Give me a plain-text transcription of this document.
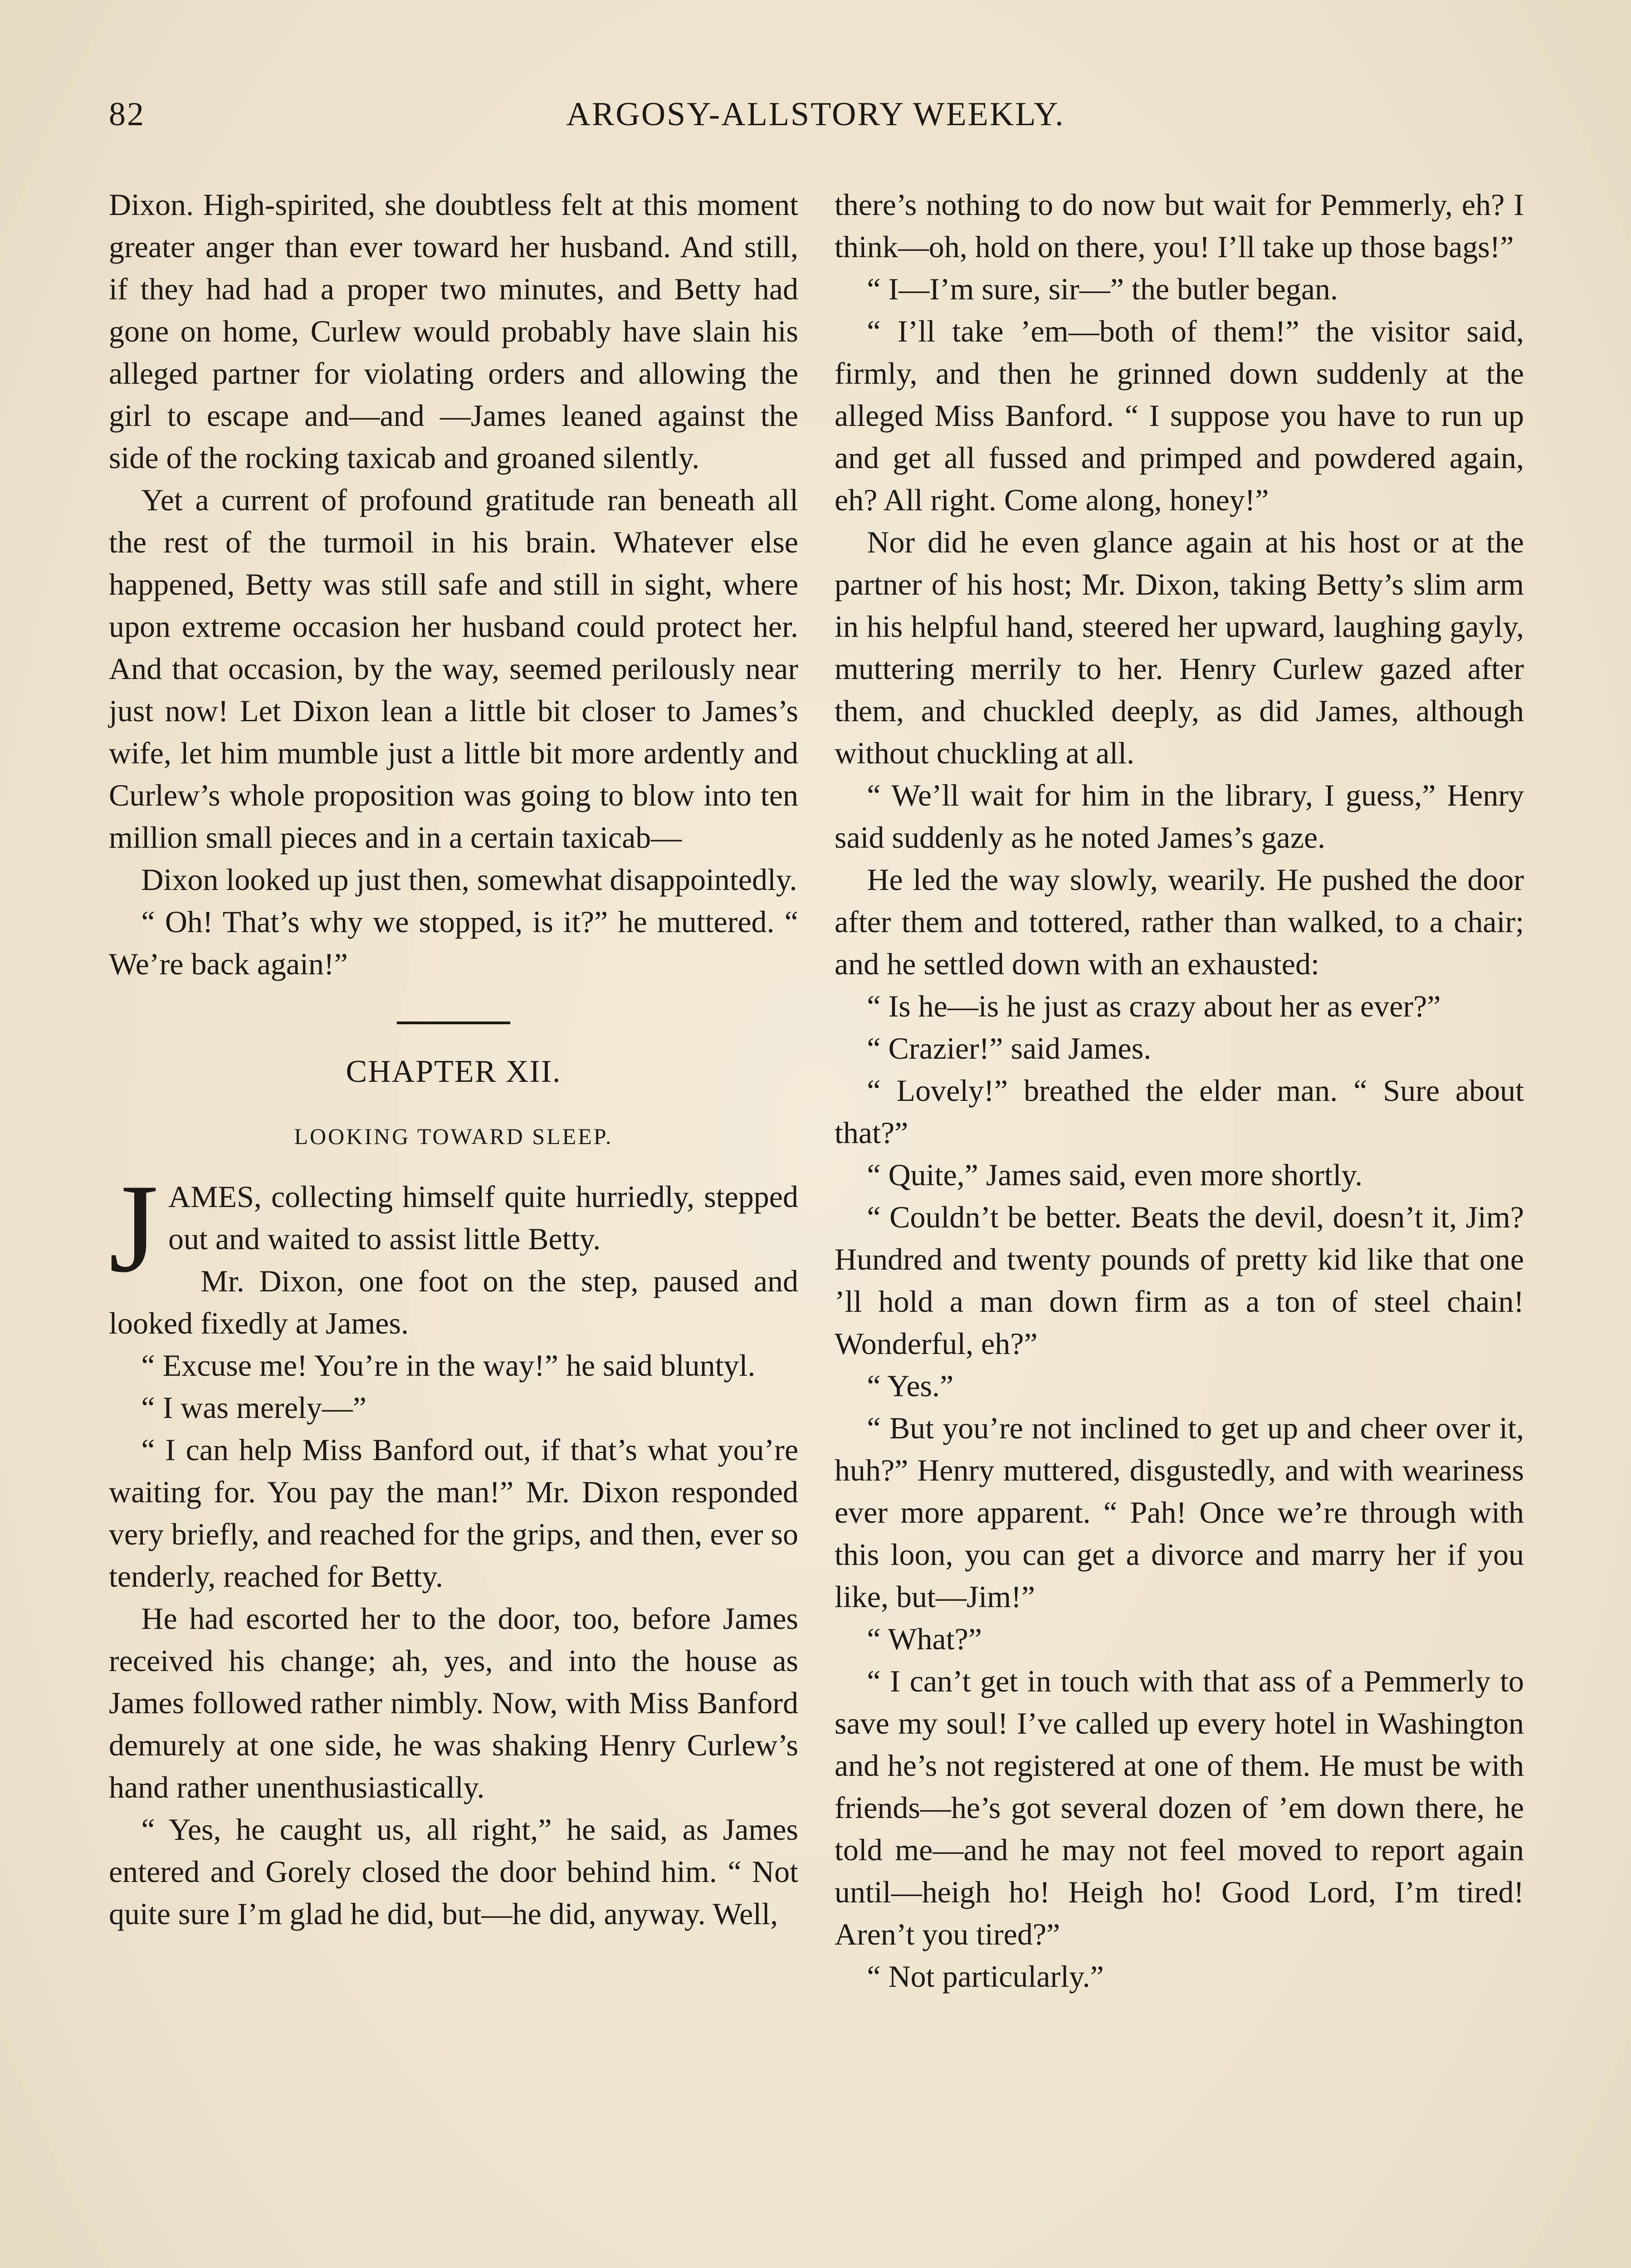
82	ARGOSY-ALLSTORY WEEKLY.

Dixon. High-spirited, she doubtless felt at this moment greater anger than ever toward her husband. And still, if they had had a proper two minutes, and Betty had gone on home, Curlew would probably have slain his alleged partner for violating orders and allowing the girl to escape and—and —James leaned against the side of the rocking taxicab and groaned silently.

Yet a current of profound gratitude ran beneath all the rest of the turmoil in his brain. Whatever else happened, Betty was still safe and still in sight, where upon extreme occasion her husband could protect her. And that occasion, by the way, seemed perilously near just now! Let Dixon lean a little bit closer to James’s wife, let him mumble just a little bit more ardently and Curlew’s whole proposition was going to blow into ten million small pieces and in a certain taxicab—

Dixon looked up just then, somewhat disappointedly.

“ Oh! That’s why we stopped, is it?” he muttered. “ We’re back again!”

CHAPTER XII.

LOOKING TOWARD SLEEP.

JAMES, collecting himself quite hurriedly, stepped out and waited to assist little Betty.

Mr. Dixon, one foot on the step, paused and looked fixedly at James.

“ Excuse me! You’re in the way!” he said bluntyl.

“ I was merely—”

“ I can help Miss Banford out, if that’s what you’re waiting for. You pay the man!” Mr. Dixon responded very briefly, and reached for the grips, and then, ever so tenderly, reached for Betty.

He had escorted her to the door, too, before James received his change; ah, yes, and into the house as James followed rather nimbly. Now, with Miss Banford demurely at one side, he was shaking Henry Curlew’s hand rather unenthusiastically.

“ Yes, he caught us, all right,” he said, as James entered and Gorely closed the door behind him. “ Not quite sure I’m glad he did, but—he did, anyway. Well,

there’s nothing to do now but wait for Pemmerly, eh? I think—oh, hold on there, you! I’ll take up those bags!”

“ I—I’m sure, sir—” the butler began.

“ I’ll take ’em—both of them!” the visitor said, firmly, and then he grinned down suddenly at the alleged Miss Banford. “ I suppose you have to run up and get all fussed and primped and powdered again, eh? All right. Come along, honey!”

Nor did he even glance again at his host or at the partner of his host; Mr. Dixon, taking Betty’s slim arm in his helpful hand, steered her upward, laughing gayly, muttering merrily to her. Henry Curlew gazed after them, and chuckled deeply, as did James, although without chuckling at all.

“ We’ll wait for him in the library, I guess,” Henry said suddenly as he noted James’s gaze.

He led the way slowly, wearily. He pushed the door after them and tottered, rather than walked, to a chair; and he settled down with an exhausted:

“ Is he—is he just as crazy about her as ever?”

“ Crazier!” said James.

“ Lovely!” breathed the elder man. “ Sure about that?”

“ Quite,” James said, even more shortly.

“ Couldn’t be better. Beats the devil, doesn’t it, Jim? Hundred and twenty pounds of pretty kid like that one ’ll hold a man down firm as a ton of steel chain! Wonderful, eh?”

“ Yes.”

“ But you’re not inclined to get up and cheer over it, huh?” Henry muttered, disgustedly, and with weariness ever more apparent. “ Pah! Once we’re through with this loon, you can get a divorce and marry her if you like, but—Jim!”

“ What?”

“ I can’t get in touch with that ass of a Pemmerly to save my soul! I’ve called up every hotel in Washington and he’s not registered at one of them. He must be with friends—he’s got several dozen of ’em down there, he told me—and he may not feel moved to report again until—heigh ho! Heigh ho! Good Lord, I’m tired! Aren’t you tired?”

“ Not particularly.”
